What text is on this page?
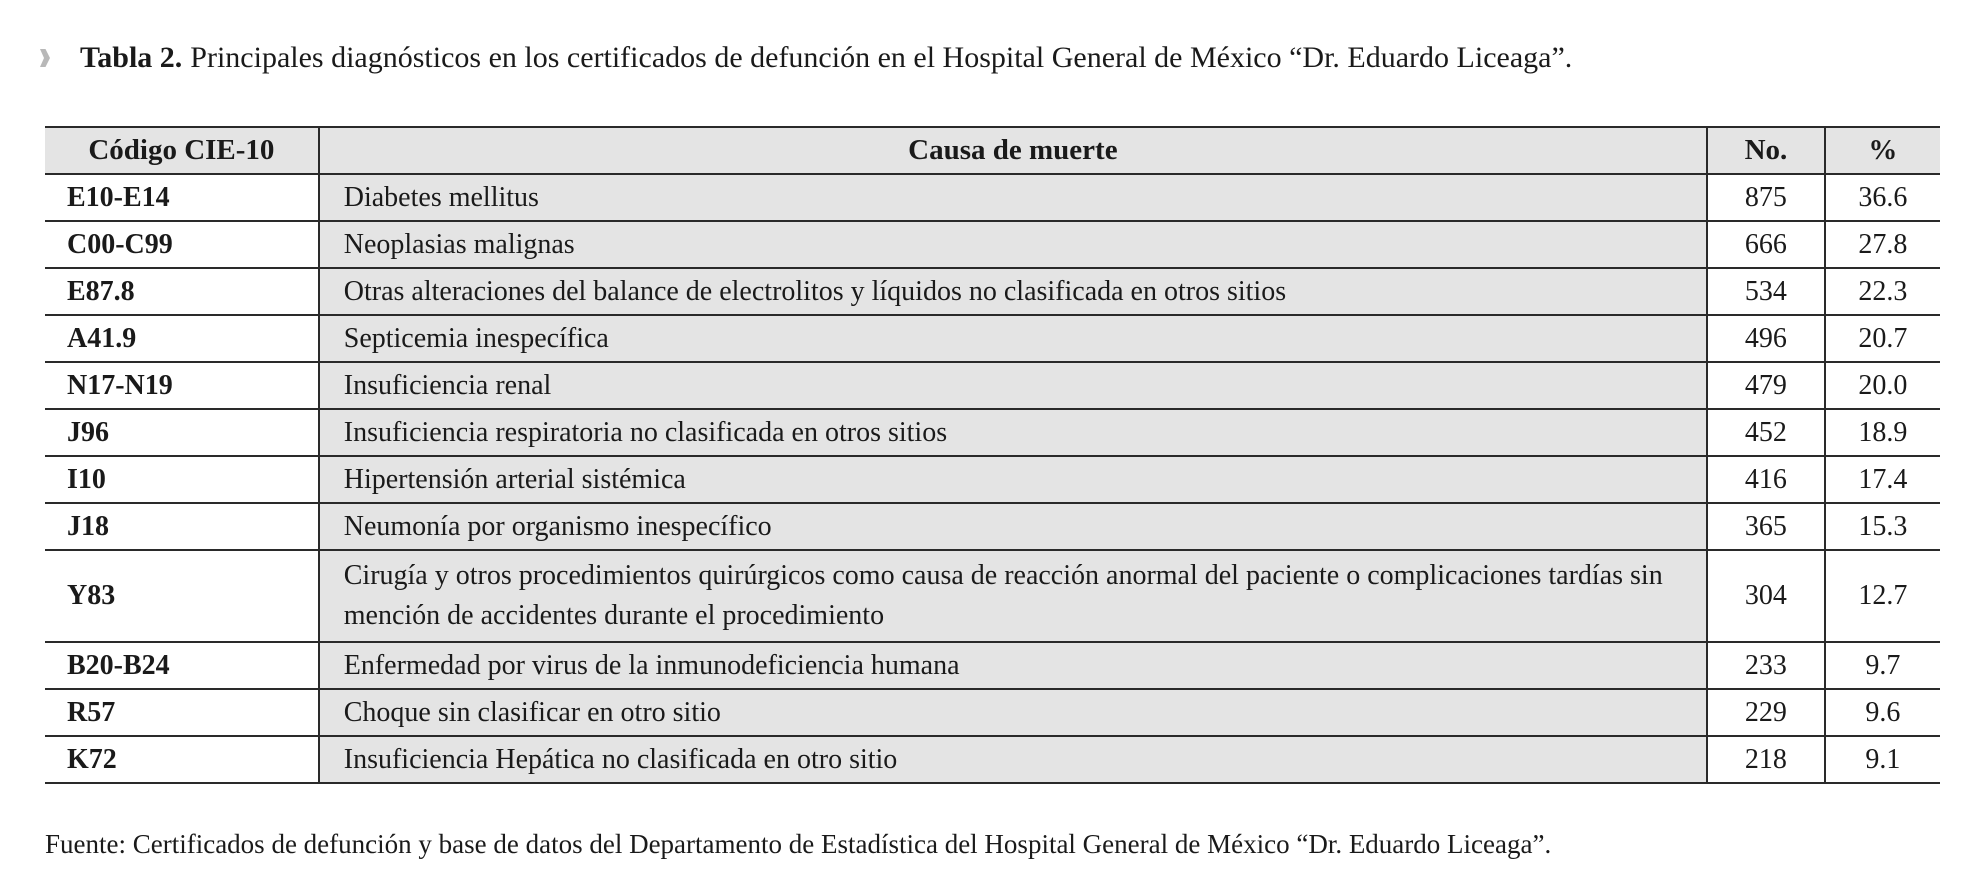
Tabla 2. Principales diagnósticos en los certificados de defunción en el Hospital General de México “Dr. Eduardo Liceaga”.
Código CIE-10	Causa de muerte	No.	%
E10-E14	Diabetes mellitus	875	36.6
C00-C99	Neoplasias malignas	666	27.8
E87.8	Otras alteraciones del balance de electrolitos y líquidos no clasificada en otros sitios	534	22.3
A41.9	Septicemia inespecífica	496	20.7
N17-N19	Insuficiencia renal	479	20.0
J96	Insuficiencia respiratoria no clasificada en otros sitios	452	18.9
I10	Hipertensión arterial sistémica	416	17.4
J18	Neumonía por organismo inespecífico	365	15.3
Y83	Cirugía y otros procedimientos quirúrgicos como causa de reacción anormal del paciente o complicaciones tardías sin mención de accidentes durante el procedimiento	304	12.7
B20-B24	Enfermedad por virus de la inmunodeficiencia humana	233	9.7
R57	Choque sin clasificar en otro sitio	229	9.6
K72	Insuficiencia Hepática no clasificada en otro sitio	218	9.1
Fuente: Certificados de defunción y base de datos del Departamento de Estadística del Hospital General de México “Dr. Eduardo Liceaga”.
